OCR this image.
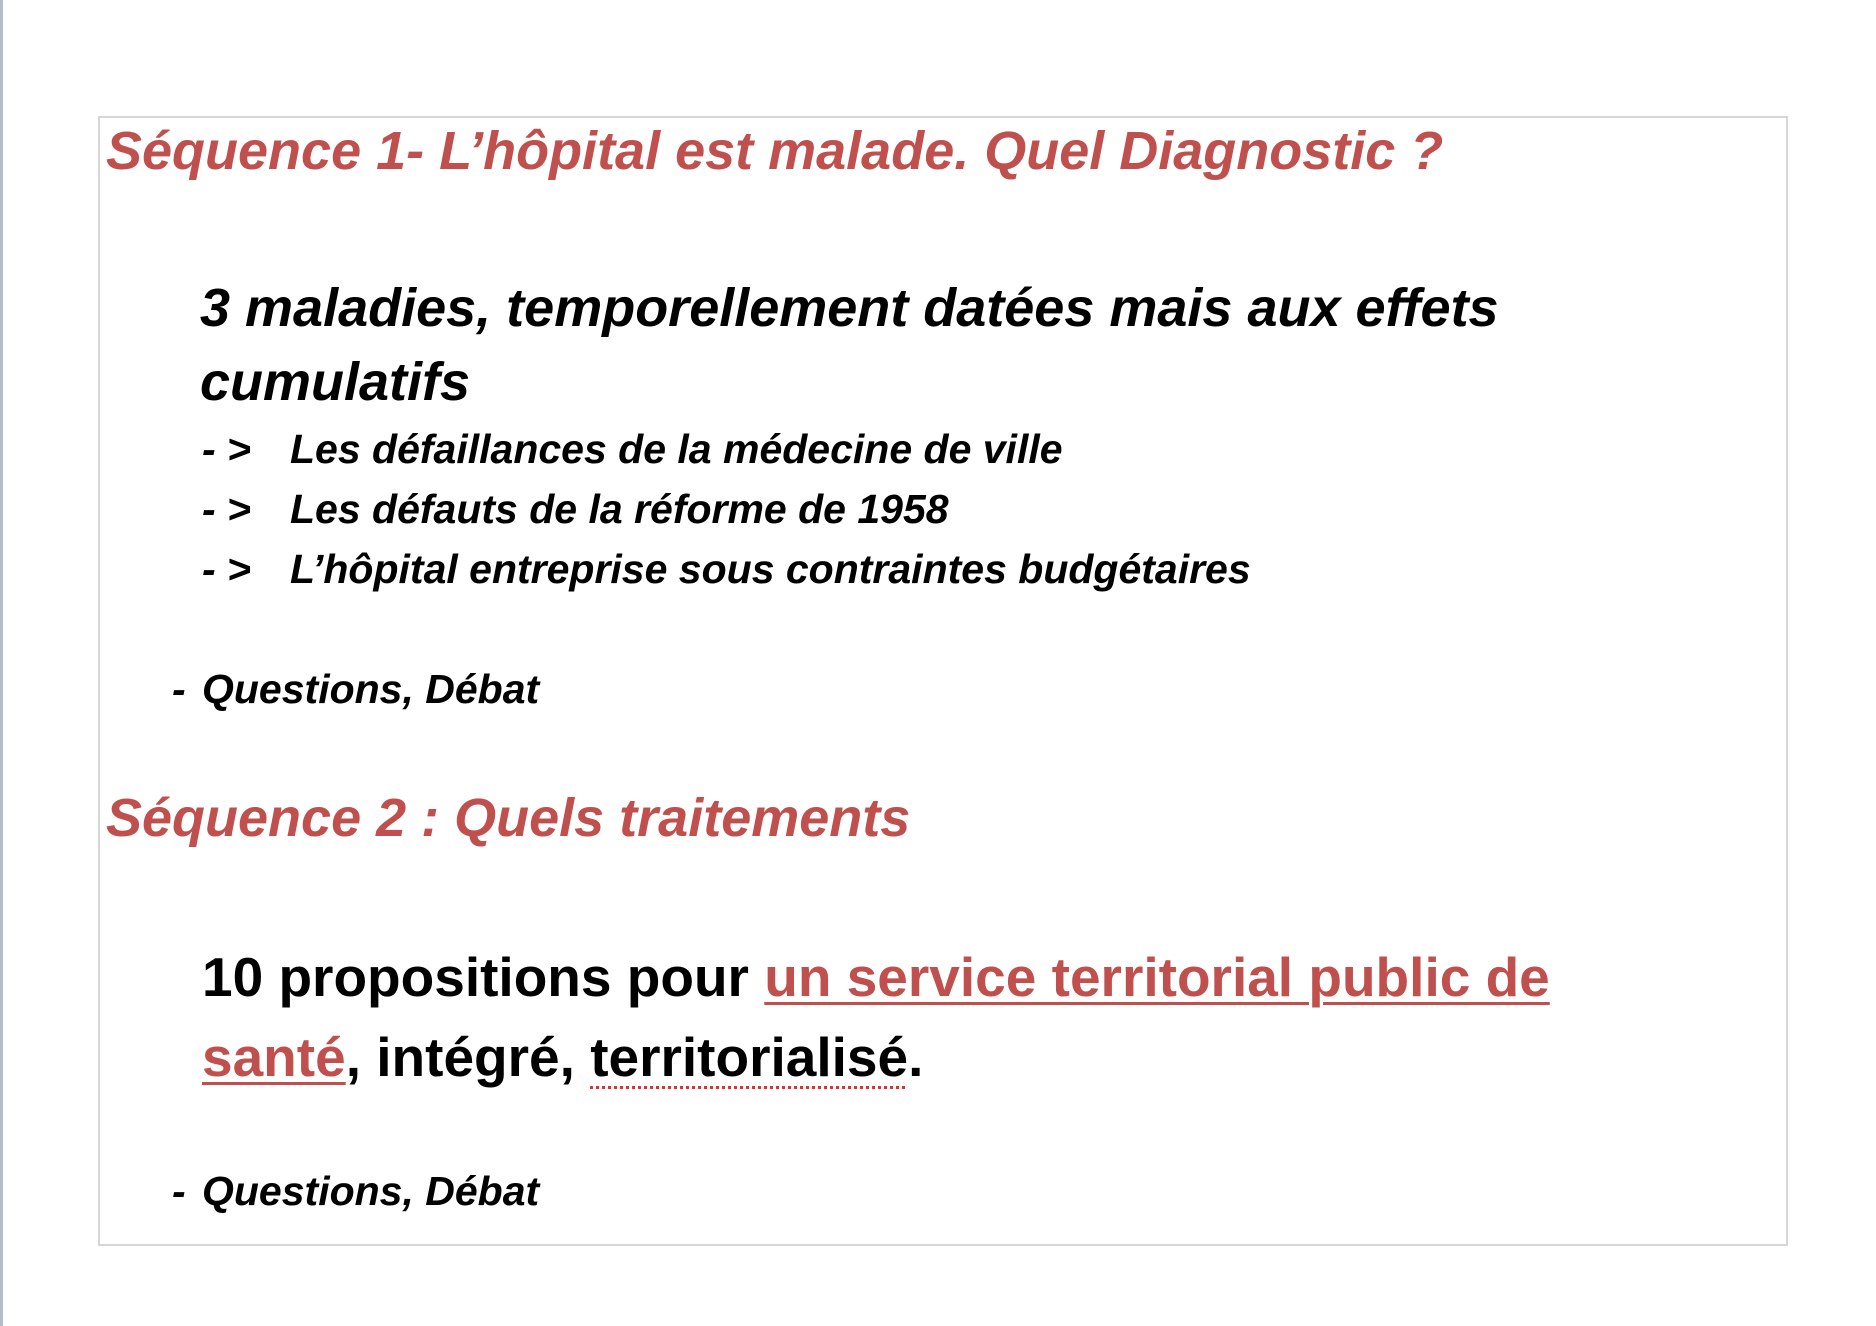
Séquence 1- L’hôpital est malade. Quel Diagnostic ?
3 maladies, temporellement datées mais aux effets cumulatifs
- > Les défaillances de la médecine de ville
- > Les défauts de la réforme de 1958
- > L’hôpital entreprise sous contraintes budgétaires
- Questions, Débat
Séquence 2 : Quels traitements
10 propositions pour un service territorial public de santé, intégré, territorialisé.
- Questions, Débat
